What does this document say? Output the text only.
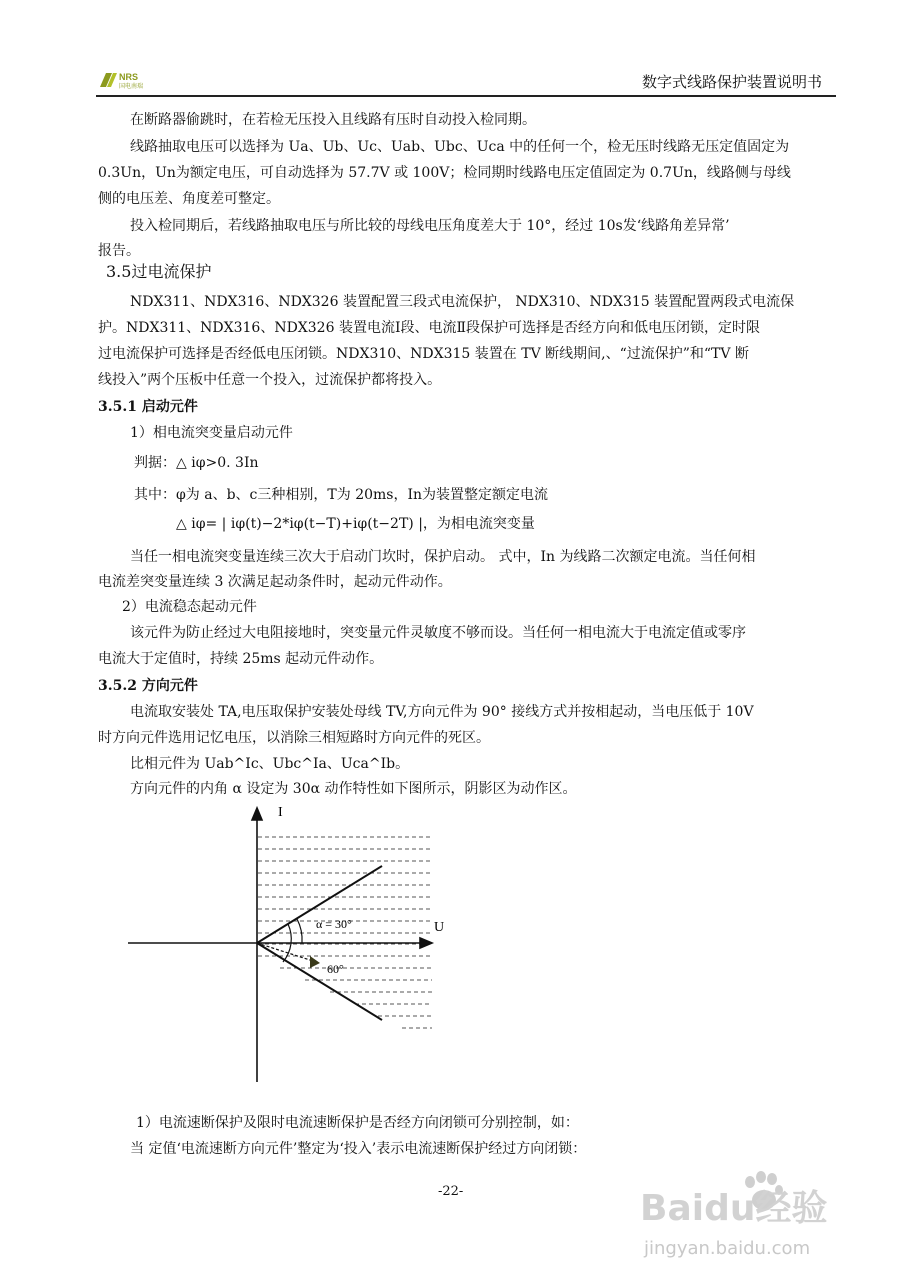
NRS
国电南瑞	数字式线路保护装置说明书
在断路器偷跳时，在若检无压投入且线路有压时自动投入检同期。
线路抽取电压可以选择为 Ua、Ub、Uc、Uab、Ubc、Uca 中的任何一个，检无压时线路无压定值固定为
0.3Un，Un为额定电压，可自动选择为 57.7V 或 100V；检同期时线路电压定值固定为 0.7Un，线路侧与母线
侧的电压差、角度差可整定。
投入检同期后，若线路抽取电压与所比较的母线电压角度差大于 10°，经过 10s发‘线路角差异常’
报告。
3.5过电流保护
NDX311、NDX316、NDX326 装置配置三段式电流保护， NDX310、NDX315 装置配置两段式电流保
护。NDX311、NDX316、NDX326 装置电流Ⅰ段、电流Ⅱ段保护可选择是否经方向和低电压闭锁，定时限
过电流保护可选择是否经低电压闭锁。NDX310、NDX315 装置在 TV 断线期间,、“过流保护”和“TV 断
线投入”两个压板中任意一个投入，过流保护都将投入。
3.5.1 启动元件
1）相电流突变量启动元件
判据：△ iφ>0. 3In
其中：φ为 a、b、c三种相别，T为 20ms，In为装置整定额定电流
△ iφ= | iφ(t)−2*iφ(t−T)+iφ(t−2T) |，为相电流突变量
当任一相电流突变量连续三次大于启动门坎时，保护启动。 式中，In 为线路二次额定电流。当任何相
电流差突变量连续 3 次满足起动条件时，起动元件动作。
2）电流稳态起动元件
该元件为防止经过大电阻接地时，突变量元件灵敏度不够而设。当任何一相电流大于电流定值或零序
电流大于定值时，持续 25ms 起动元件动作。
3.5.2 方向元件
电流取安装处 TA,电压取保护安装处母线 TV,方向元件为 90° 接线方式并按相起动，当电压低于 10V
时方向元件选用记忆电压，以消除三相短路时方向元件的死区。
比相元件为 Uab^Ic、Ubc^Ia、Uca^Ib。
方向元件的内角 α 设定为 30α 动作特性如下图所示，阴影区为动作区。
I
U
α = 30°
60°
1）电流速断保护及限时电流速断保护是否经方向闭锁可分别控制，如：
当 定值‘电流速断方向元件’整定为‘投入’表示电流速断保护经过方向闭锁：
-22-	Baidu经验
jingyan.baidu.com
